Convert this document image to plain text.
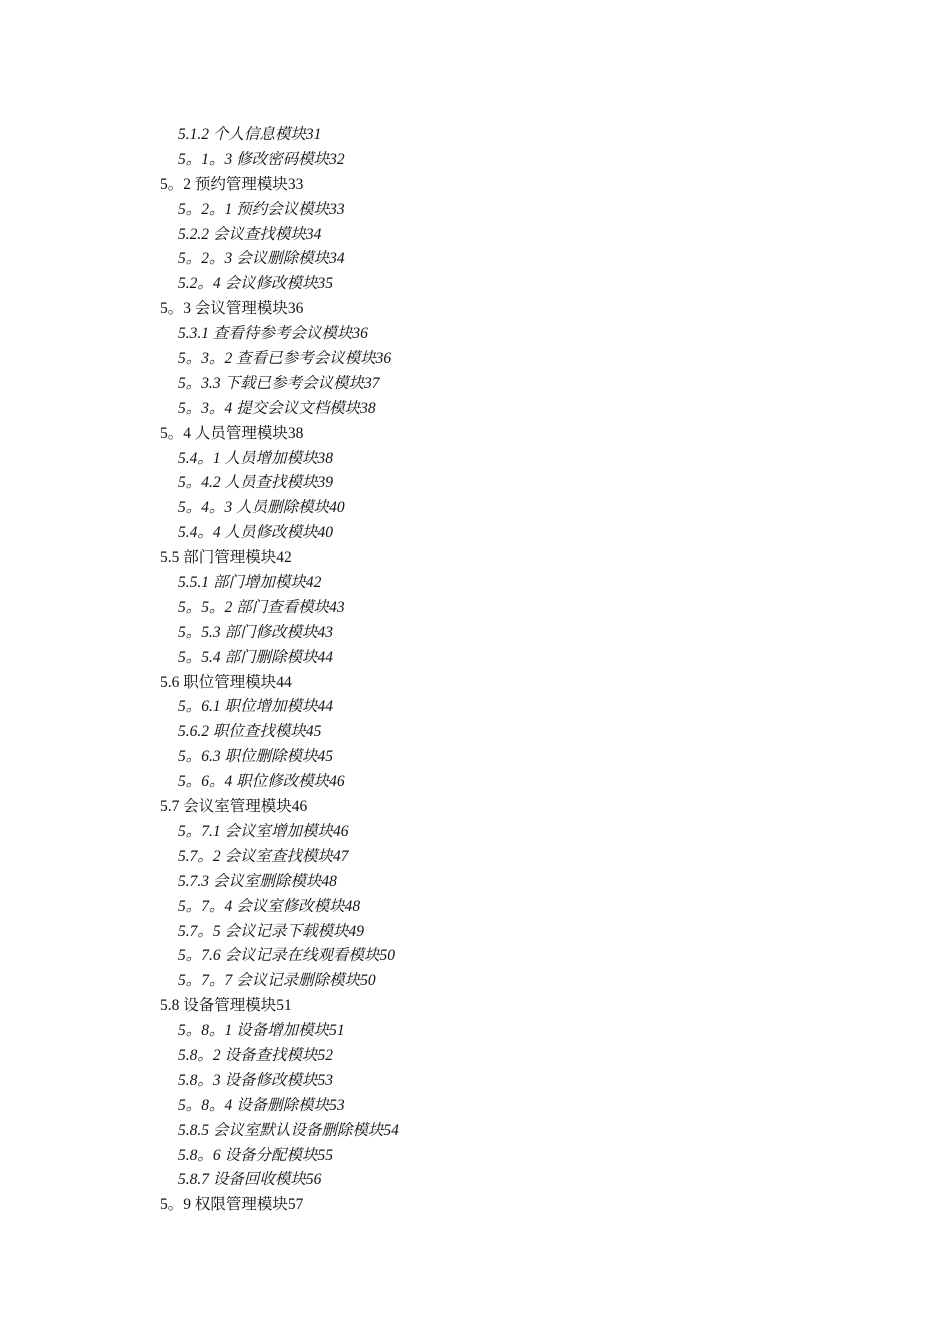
5.1.2 个人信息模块31
5。1。3 修改密码模块32
5。2 预约管理模块33
5。2。1 预约会议模块33
5.2.2 会议查找模块34
5。2。3 会议删除模块34
5.2。4 会议修改模块35
5。3 会议管理模块36
5.3.1 查看待参考会议模块36
5。3。2 查看已参考会议模块36
5。3.3 下载已参考会议模块37
5。3。4 提交会议文档模块38
5。4 人员管理模块38
5.4。1 人员增加模块38
5。4.2 人员查找模块39
5。4。3 人员删除模块40
5.4。4 人员修改模块40
5.5 部门管理模块42
5.5.1 部门增加模块42
5。5。2 部门查看模块43
5。5.3 部门修改模块43
5。5.4 部门删除模块44
5.6 职位管理模块44
5。6.1 职位增加模块44
5.6.2 职位查找模块45
5。6.3 职位删除模块45
5。6。4 职位修改模块46
5.7 会议室管理模块46
5。7.1 会议室增加模块46
5.7。2 会议室查找模块47
5.7.3 会议室删除模块48
5。7。4 会议室修改模块48
5.7。5 会议记录下载模块49
5。7.6 会议记录在线观看模块50
5。7。7 会议记录删除模块50
5.8 设备管理模块51
5。8。1 设备增加模块51
5.8。2 设备查找模块52
5.8。3 设备修改模块53
5。8。4 设备删除模块53
5.8.5 会议室默认设备删除模块54
5.8。6 设备分配模块55
5.8.7 设备回收模块56
5。9 权限管理模块57
